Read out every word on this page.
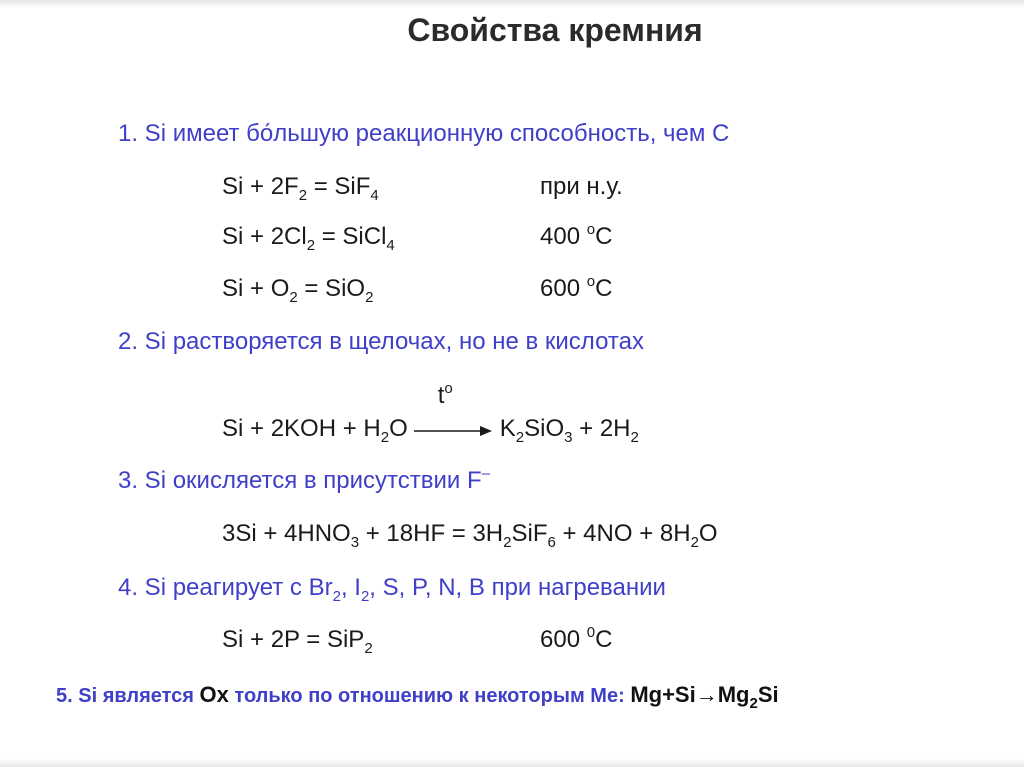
Свойства кремния
1. Si имеет бо́льшую реакционную способность, чем С
$Si + 2F_2 = SiF_4$	при н.у.
$Si + 2Cl_2$ = SiCl$_4$	400 $^o$C
$Si + O_2 = SiO_2$	600 $^o$C
2. Si растворяется в щелочах, но не в кислотах
$Si + 2KOH + H_2O$
$t^o$
$K_2SiO_3 + 2H_2$
3. Si окисляется в присутствии F–
$3Si + 4HNO_3 + 18HF = 3H_2SiF_6 + 4NO + 8H_2O$
4. Si реагирует с $Br_2$, $I_2$, S, P, N, B при нагревании
Si + 2P = SiP$_2$	600 $^0$C
5. Si является Ox только по отношению к некоторым Ме: $Mg+Si\to Mg_2Si$
